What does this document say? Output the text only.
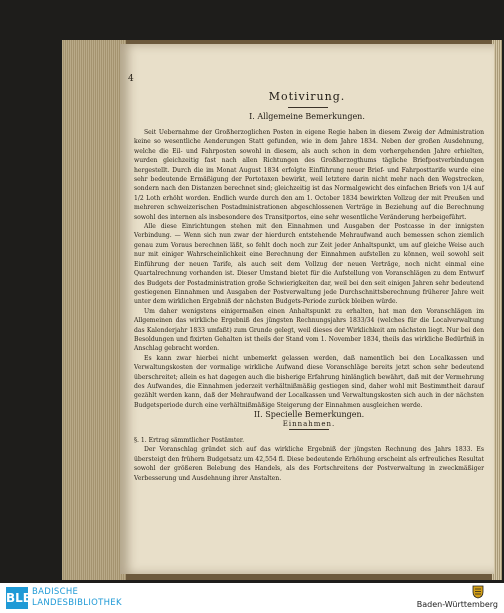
4
Motivirung.
I. Allgemeine Bemerkungen.

Seit Uebernahme der Großherzoglichen Posten in eigene Regie haben in diesem Zweig der Administration keine so wesentliche Aenderungen Statt gefunden, wie in dem Jahre 1834. Neben der großen Ausdehnung, welche die Eil- und Fahrposten sowohl in diesem, als auch schon in dem vorhergehenden Jahre erhielten, wurden gleichzeitig fast nach allen Richtungen des Großherzogthums tägliche Briefpostverbindungen hergestellt. Durch die im Monat August 1834 erfolgte Einführung neuer Brief- und Fahrposttarife wurde eine sehr bedeutende Ermäßigung der Portotaxen bewirkt, weil letztere darin nicht mehr nach den Wegstrecken, sondern nach den Distanzen berechnet sind; gleichzeitig ist das Normalgewicht des einfachen Briefs von 1/4 auf 1/2 Loth erhöht worden. Endlich wurde durch den am 1. October 1834 bewirkten Vollzug der mit Preußen und mehreren schweizerischen Postadministrationen abgeschlossenen Verträge in Beziehung auf die Berechnung sowohl des internen als insbesondere des Transitportos, eine sehr wesentliche Veränderung herbeigeführt.

Alle diese Einrichtungen stehen mit den Einnahmen und Ausgaben der Postcasse in der innigsten Verbindung. — Wenn sich nun zwar der hierdurch entstehende Mehraufwand auch bemessen schon ziemlich genau zum Voraus berechnen läßt, so fehlt doch noch zur Zeit jeder Anhaltspunkt, um auf gleiche Weise auch nur mit einiger Wahrscheinlichkeit eine Berechnung der Einnahmen aufstellen zu können, weil sowohl seit Einführung der neuen Tarife, als auch seit dem Vollzug der neuen Verträge, noch nicht einmal eine Quartalrechnung vorhanden ist. Dieser Umstand bietet für die Aufstellung von Voranschlägen zu dem Entwurf des Budgets der Postadministration große Schwierigkeiten dar, weil bei den seit einigen Jahren sehr bedeutend gestiegenen Einnahmen und Ausgaben der Postverwaltung jede Durchschnittsberechnung früherer Jahre weit unter dem wirklichen Ergebniß der nächsten Budgets-Periode zurück bleiben würde.

Um daher wenigstens einigermaßen einen Anhaltspunkt zu erhalten, hat man den Voranschlägen im Allgemeinen das wirkliche Ergebniß des jüngsten Rechnungsjahrs 1833/34 (welches für die Localverwaltung das Kalenderjahr 1833 umfaßt) zum Grunde gelegt, weil dieses der Wirklichkeit am nächsten liegt. Nur bei den Besoldungen und fixirten Gehalten ist theils der Stand vom 1. November 1834, theils das wirkliche Bedürfniß in Anschlag gebracht worden.

Es kann zwar hierbei nicht unbemerkt gelassen werden, daß namentlich bei den Localkassen und Verwaltungskosten der vormalige wirkliche Aufwand diese Voranschläge bereits jetzt schon sehr bedeutend überschreitet; allein es hat dagegen auch die bisherige Erfahrung hinlänglich bewährt, daß mit der Vermehrung des Aufwandes, die Einnahmen jederzeit verhältnißmäßig gestiegen sind, daher wohl mit Bestimmtheit darauf gezählt werden kann, daß der Mehraufwand der Localkassen und Verwaltungskosten sich auch in der nächsten Budgetsperiode durch eine verhältnißmäßige Steigerung der Einnahmen ausgleichen werde.

II. Specielle Bemerkungen.

Einnahmen.

§. 1. Ertrag sämmtlicher Postämter.

Der Voranschlag gründet sich auf das wirkliche Ergebniß der jüngsten Rechnung des Jahrs 1833. Es übersteigt den frühern Budgetsatz um 42,554 fl. Diese bedeutende Erhöhung erscheint als erfreuliches Resultat sowohl der größeren Belebung des Handels, als des Fortschreitens der Postverwaltung in zweckmäßiger Verbesserung und Ausdehnung ihrer Anstalten.

BLB BADISCHE
LANDESBIBLIOTHEK	Baden-Württemberg
